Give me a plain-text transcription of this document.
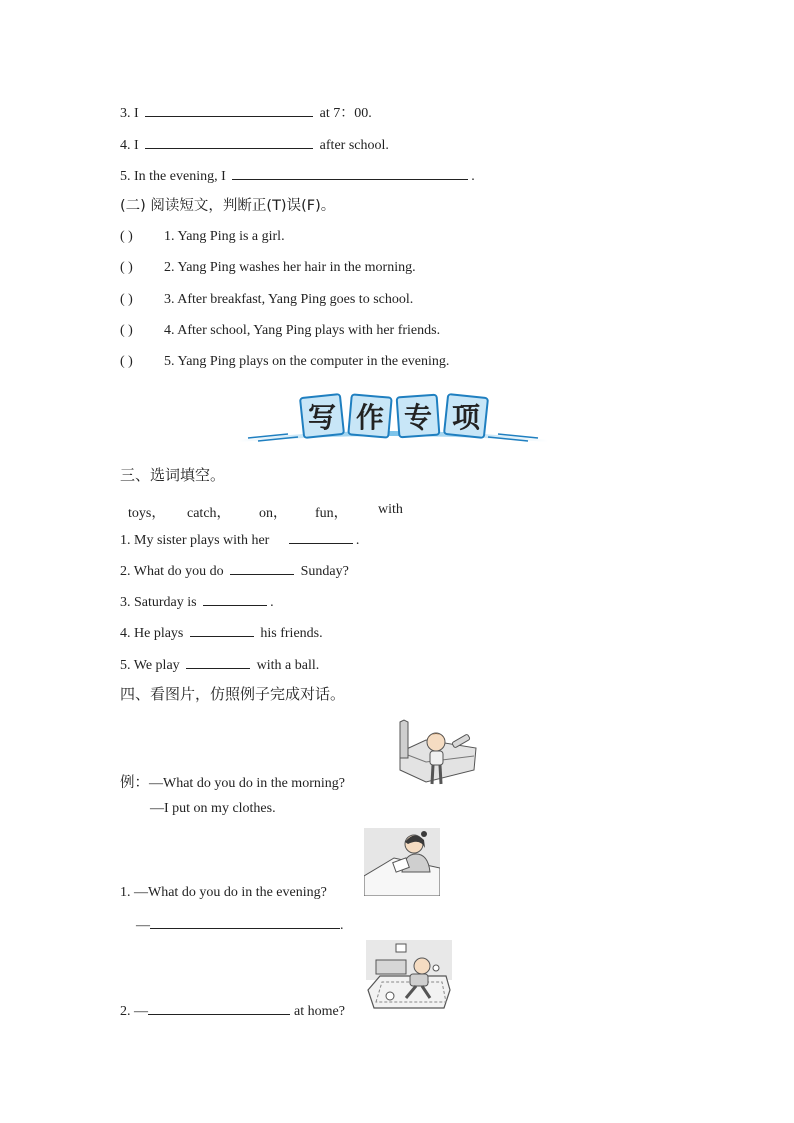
3. I	at 7：00.
4. I	after school.
5. In the evening, I	.
(二) 阅读短文，判断正(T)误(F)。
( ) 1. Yang Ping is a girl.
( ) 2. Yang Ping washes her hair in the morning.
( ) 3. After breakfast, Yang Ping goes to school.
( ) 4. After school, Yang Ping plays with her friends.
( ) 5. Yang Ping plays on the computer in the evening.
写 作 专 项
三、选词填空。
toys， catch， on， fun， with
1. My sister plays with her	.
2. What do you do	Sunday?
3. Saturday is	.
4. He plays	his friends.
5. We play	with a ball.
四、看图片，仿照例子完成对话。
例：—What do you do in the morning?
—I put on my clothes.
1. —What do you do in the evening?
—	.
2. —	at home?
